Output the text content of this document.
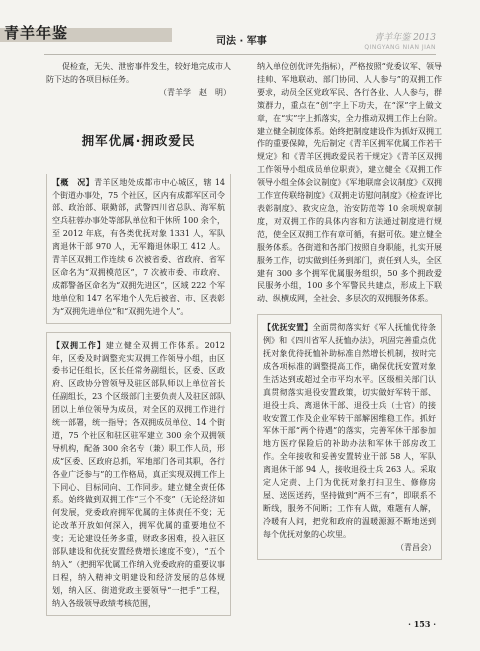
青羊年鉴	司法 · 军事	青羊年鉴 2013
QINGYANG NIAN JIAN

促检查，无失、泄密事件发生，较好地完成市人防下达的各项目标任务。
（青羊学　赵　明）

拥军优属·拥政爱民

【概　况】青羊区地处成都市中心城区，辖 14 个街道办事处，75 个社区，区内有成都军区司令部、政治部、联勤部，武警四川省总队、海军航空兵驻蓉办事处等部队单位和干休所 100 余个，至 2012 年底，有各类优抚对象 1331 人，军队离退休干部 970 人，无军籍退休职工 412 人。青羊区双拥工作连续 6 次被省委、省政府、省军区命名为“双拥模范区”，7 次被市委、市政府、成都警备区命名为“双拥先进区”，区域 222 个军地单位和 147 名军地个人先后被省、市、区表彰为“双拥先进单位”和“双拥先进个人”。

【双拥工作】建立健全双拥工作体系。2012 年，区委及时调整充实双拥工作领导小组，由区委书记任组长，区长任常务副组长，区委、区政府、区政协分管领导及驻区部队师以上单位首长任副组长，23 个区级部门主要负责人及驻区部队团以上单位领导为成员，对全区的双拥工作进行统一部署，统一指导；各双拥成员单位、14 个街道，75 个社区和驻区驻军建立 300 余个双拥领导机构，配备 300 余名专（兼）职工作人员，形成“区委、区政府总抓，军地部门各司其职，各行各业广泛参与”的工作格局，真正实现双拥工作上下同心、目标同向、工作同步。建立健全责任体系。始终做到双拥工作“三个不变”（无论经济如何发展，党委政府拥军优属的主体责任不变；无论改革开放如何深入，拥军优属的重要地位不变；无论建设任务多重，财政多困难，投入驻区部队建设和优抚安置经费增长速度不变），“五个纳入”（把拥军优属工作纳入党委政府的重要议事日程，纳入精神文明建设和经济发展的总体规划，纳入区、街道党政主要领导“一把手”工程，纳入各级领导政绩考核范围，

纳入单位创优评先指标），严格按照“党委议军、领导挂帅、军地联动、部门协同、人人参与”的双拥工作要求，动员全区党政军民、各行各业、人人参与，群策群力，重点在“创”字上下功夫，在“深”字上做文章，在“实”字上抓落实，全力推动双拥工作上台阶。建立健全制度体系。始终把制度建设作为抓好双拥工作的重要保障，先后制定《青羊区拥军优属工作若干规定》和《青羊区拥政爱民若干规定》《青羊区双拥工作领导小组成员单位职责》，建立健全《双拥工作领导小组全体会议制度》《军地联席会议制度》《双拥工作宣传联络制度》《双拥走访慰问制度》《检查评比表彰制度》、救灾应急，治安防范等 10 余项规章制度，对双拥工作的具体内容和方法通过制度进行规范，使全区双拥工作有章可循，有据可依。建立健全服务体系。各街道和各部门按照自身职能，扎实开展服务工作，切实做到任务到部门，责任到人头，全区建有 300 多个拥军优属服务组织，50 多个拥政爱民服务小组，100 多个军警民共建点，形成上下联动、纵横成网，全社会、多层次的双拥服务体系。

【优抚安置】全面贯彻落实好《军人抚恤优待条例》和《四川省军人抚恤办法》，巩固完善重点优抚对象优待抚恤补助标准自然增长机制，按时完成各项标准的调整提高工作，确保优抚安置对象生活达到或超过全市平均水平。区级相关部门认真贯彻落实退役安置政策，切实做好军转干部、退役士兵、离退休干部、退役士兵（士官）的接收安置工作及企业军转干部解困维稳工作。抓好军休干部“两个待遇”的落实，完善军休干部参加地方医疗保险后的补助办法和军休干部房改工作。全年接收和妥善安置转业干部 58 人，军队离退休干部 94 人，接收退役士兵 263 人。采取定人定责、上门为优抚对象打扫卫生、修修房屋、送医送药，坚持做到“两不三有”，即联系不断线，服务不间断；工作有人做，难题有人解，冷暖有人问，把党和政府的温暖源源不断地送到每个优抚对象的心坎里。
（青昌会）

· 153 ·
